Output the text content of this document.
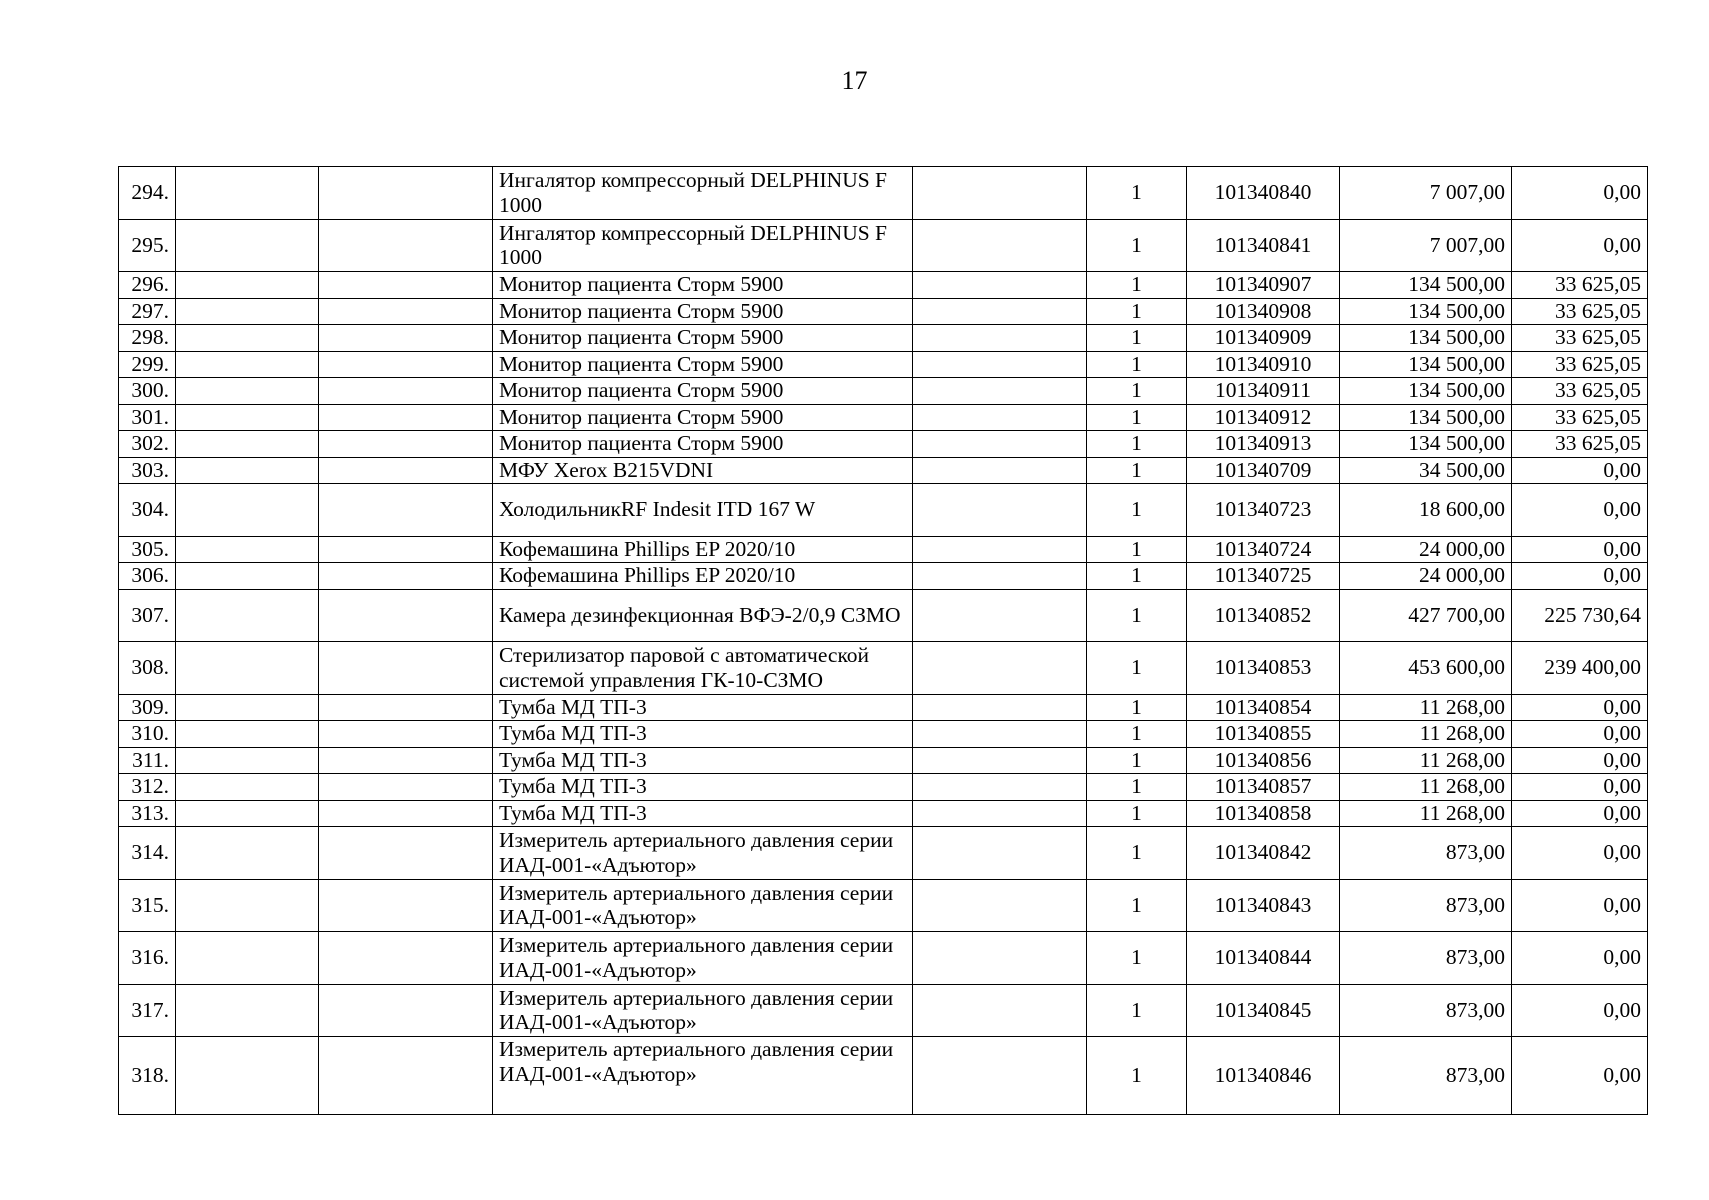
17
294.			Ингалятор компрессорный DELPHINUS F 1000		1	101340840	7 007,00	0,00
295.			Ингалятор компрессорный DELPHINUS F 1000		1	101340841	7 007,00	0,00
296.			Монитор пациента Сторм 5900		1	101340907	134 500,00	33 625,05
297.			Монитор пациента Сторм 5900		1	101340908	134 500,00	33 625,05
298.			Монитор пациента Сторм 5900		1	101340909	134 500,00	33 625,05
299.			Монитор пациента Сторм 5900		1	101340910	134 500,00	33 625,05
300.			Монитор пациента Сторм 5900		1	101340911	134 500,00	33 625,05
301.			Монитор пациента Сторм 5900		1	101340912	134 500,00	33 625,05
302.			Монитор пациента Сторм 5900		1	101340913	134 500,00	33 625,05
303.			МФУ Xerox B215VDNI		1	101340709	34 500,00	0,00
304.			ХолодильникRF Indesit ITD 167 W		1	101340723	18 600,00	0,00
305.			Кофемашина Phillips EP 2020/10		1	101340724	24 000,00	0,00
306.			Кофемашина Phillips EP 2020/10		1	101340725	24 000,00	0,00
307.			Камера дезинфекционная ВФЭ-2/0,9 СЗМО		1	101340852	427 700,00	225 730,64
308.			Стерилизатор паровой с автоматической системой управления ГК-10-СЗМО		1	101340853	453 600,00	239 400,00
309.			Тумба МД ТП-3		1	101340854	11 268,00	0,00
310.			Тумба МД ТП-3		1	101340855	11 268,00	0,00
311.			Тумба МД ТП-3		1	101340856	11 268,00	0,00
312.			Тумба МД ТП-3		1	101340857	11 268,00	0,00
313.			Тумба МД ТП-3		1	101340858	11 268,00	0,00
314.			Измеритель артериального давления серии ИАД-001-«Адъютор»		1	101340842	873,00	0,00
315.			Измеритель артериального давления серии ИАД-001-«Адъютор»		1	101340843	873,00	0,00
316.			Измеритель артериального давления серии ИАД-001-«Адъютор»		1	101340844	873,00	0,00
317.			Измеритель артериального давления серии ИАД-001-«Адъютор»		1	101340845	873,00	0,00
318.			Измеритель артериального давления серии ИАД-001-«Адъютор»		1	101340846	873,00	0,00
